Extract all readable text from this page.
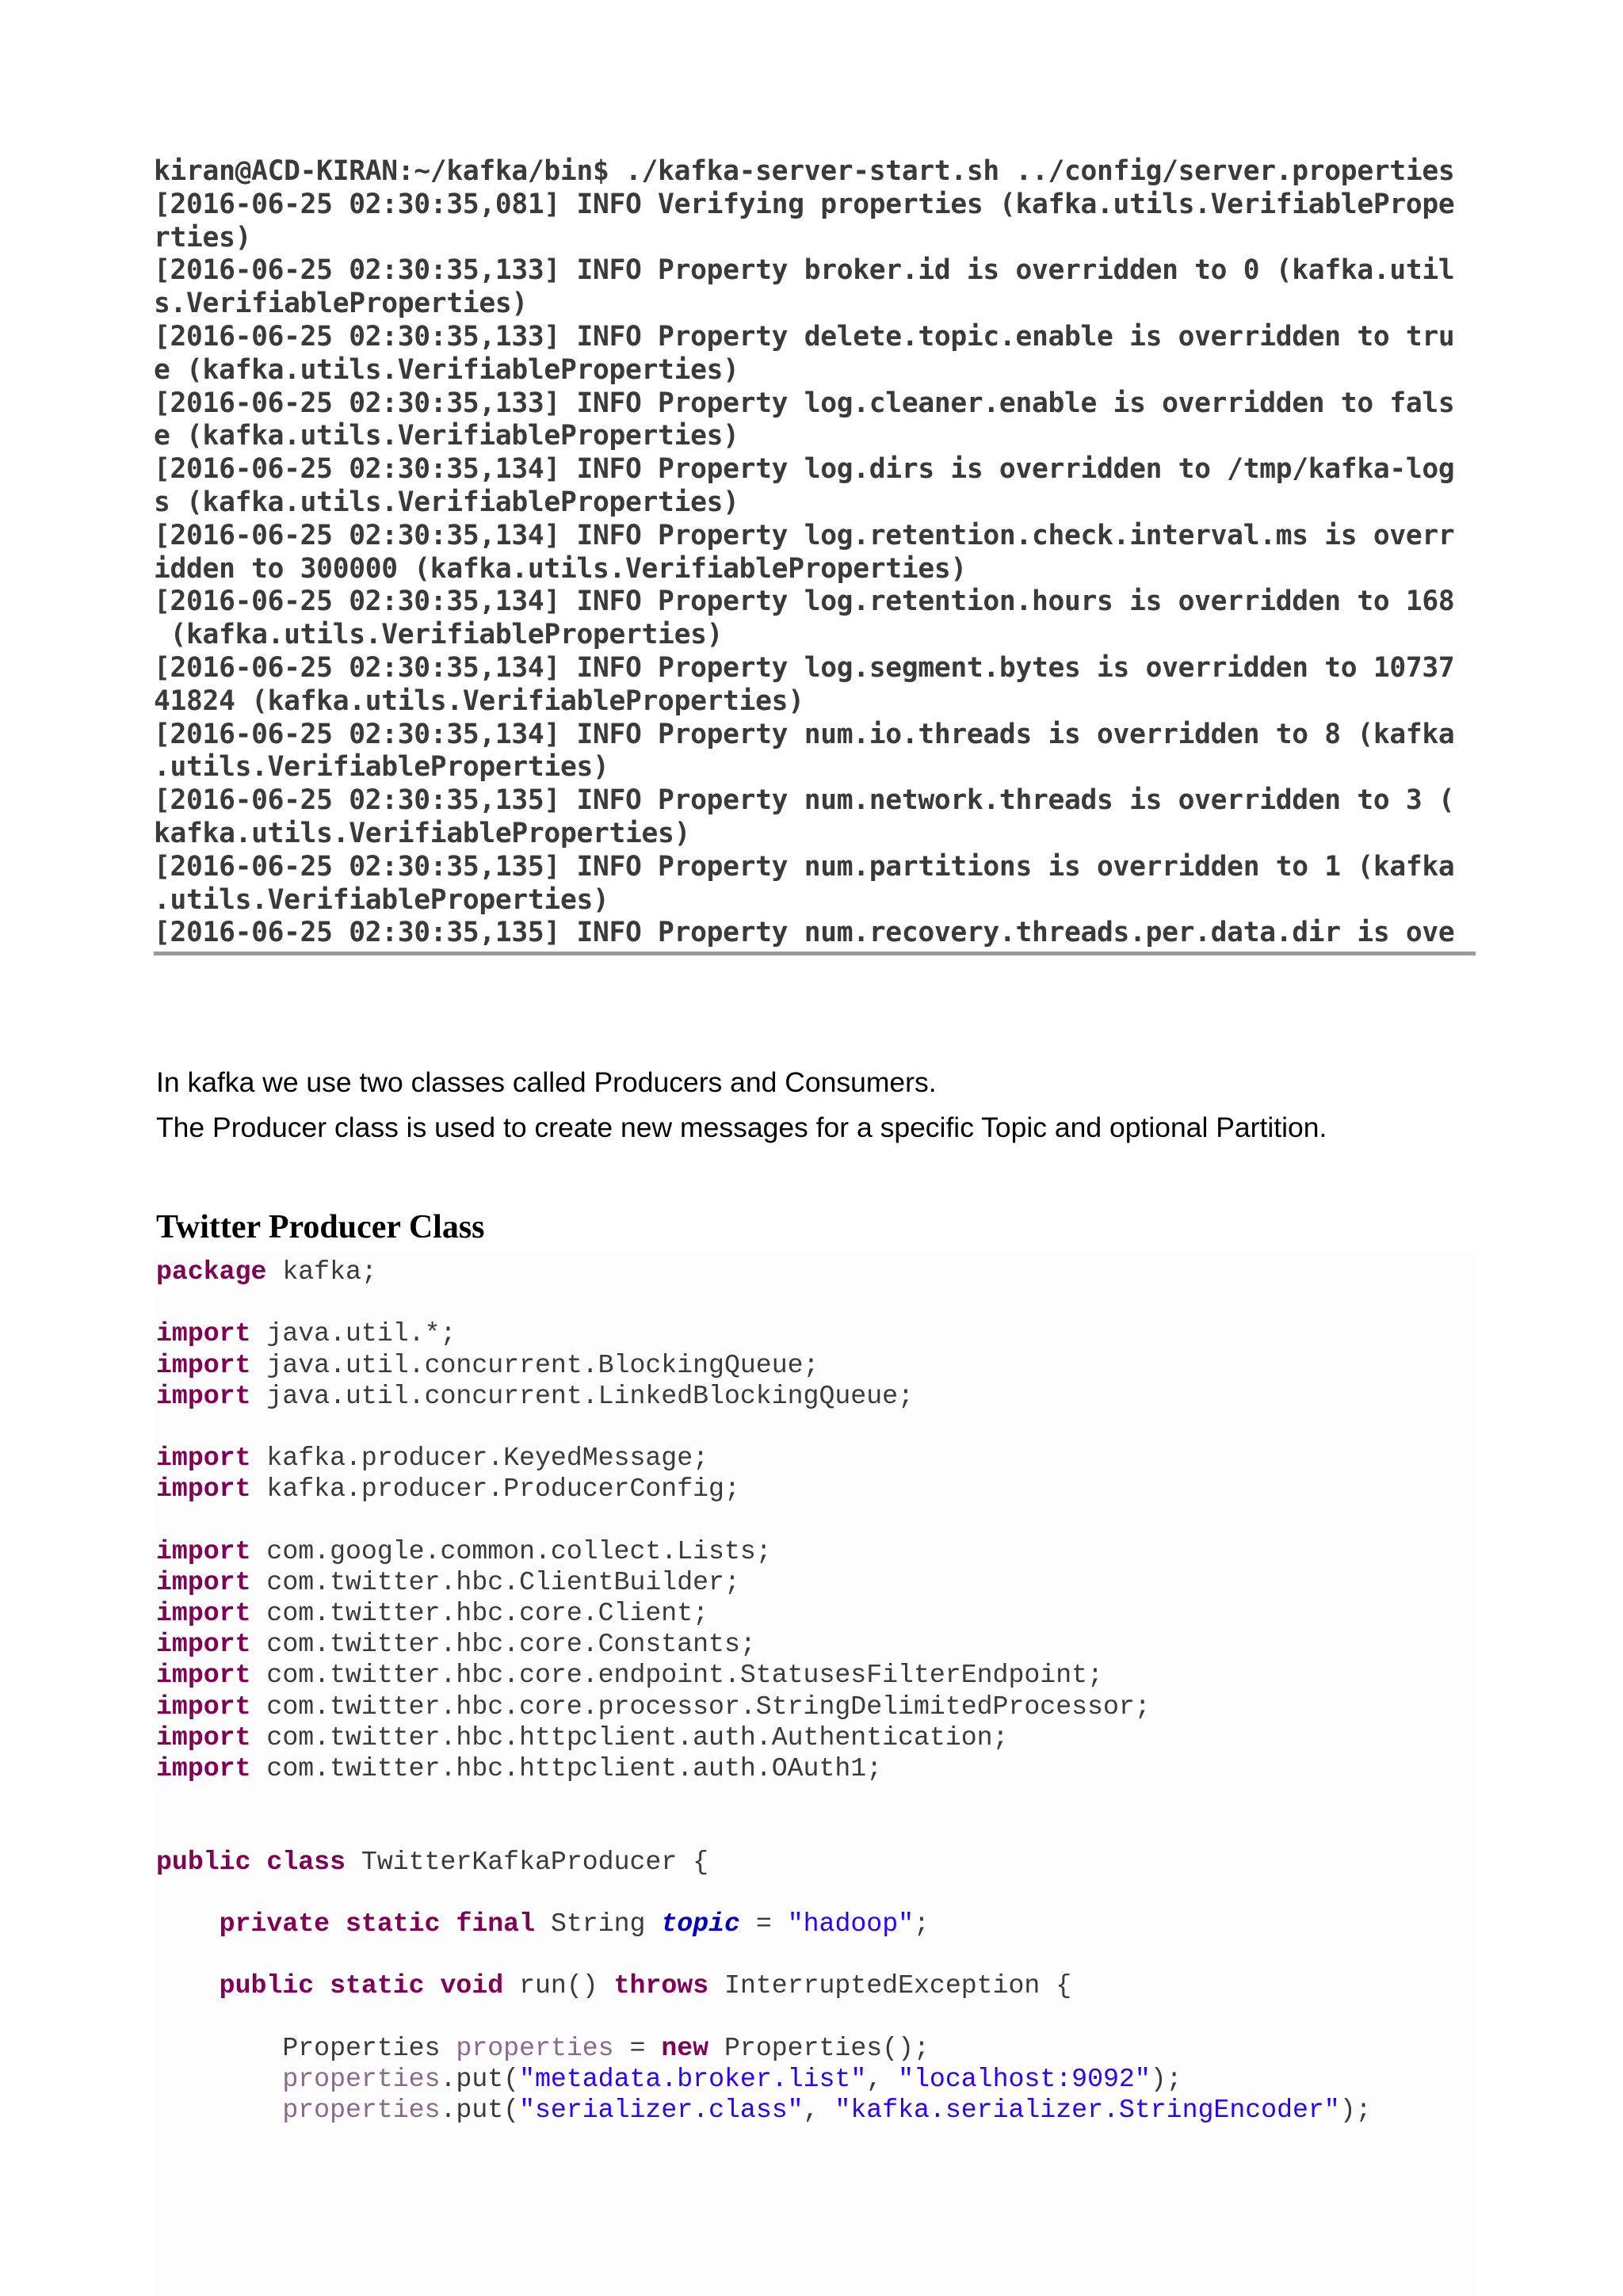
kiran@ACD-KIRAN:~/kafka/bin$ ./kafka-server-start.sh ../config/server.properties
[2016-06-25 02:30:35,081] INFO Verifying properties (kafka.utils.VerifiablePrope
rties)
[2016-06-25 02:30:35,133] INFO Property broker.id is overridden to 0 (kafka.util
s.VerifiableProperties)
[2016-06-25 02:30:35,133] INFO Property delete.topic.enable is overridden to tru
e (kafka.utils.VerifiableProperties)
[2016-06-25 02:30:35,133] INFO Property log.cleaner.enable is overridden to fals
e (kafka.utils.VerifiableProperties)
[2016-06-25 02:30:35,134] INFO Property log.dirs is overridden to /tmp/kafka-log
s (kafka.utils.VerifiableProperties)
[2016-06-25 02:30:35,134] INFO Property log.retention.check.interval.ms is overr
idden to 300000 (kafka.utils.VerifiableProperties)
[2016-06-25 02:30:35,134] INFO Property log.retention.hours is overridden to 168
(kafka.utils.VerifiableProperties)
[2016-06-25 02:30:35,134] INFO Property log.segment.bytes is overridden to 10737
41824 (kafka.utils.VerifiableProperties)
[2016-06-25 02:30:35,134] INFO Property num.io.threads is overridden to 8 (kafka
.utils.VerifiableProperties)
[2016-06-25 02:30:35,135] INFO Property num.network.threads is overridden to 3 (
kafka.utils.VerifiableProperties)
[2016-06-25 02:30:35,135] INFO Property num.partitions is overridden to 1 (kafka
.utils.VerifiableProperties)
[2016-06-25 02:30:35,135] INFO Property num.recovery.threads.per.data.dir is ove

In kafka we use two classes called Producers and Consumers.

The Producer class is used to create new messages for a specific Topic and optional Partition.

Twitter Producer Class
package kafka;

import java.util.*;
import java.util.concurrent.BlockingQueue;
import java.util.concurrent.LinkedBlockingQueue;

import kafka.producer.KeyedMessage;
import kafka.producer.ProducerConfig;

import com.google.common.collect.Lists;
import com.twitter.hbc.ClientBuilder;
import com.twitter.hbc.core.Client;
import com.twitter.hbc.core.Constants;
import com.twitter.hbc.core.endpoint.StatusesFilterEndpoint;
import com.twitter.hbc.core.processor.StringDelimitedProcessor;
import com.twitter.hbc.httpclient.auth.Authentication;
import com.twitter.hbc.httpclient.auth.OAuth1;

public class TwitterKafkaProducer {

private static final String topic = "hadoop";

public static void run() throws InterruptedException {

Properties properties = new Properties();
properties.put("metadata.broker.list", "localhost:9092");
properties.put("serializer.class", "kafka.serializer.StringEncoder");
